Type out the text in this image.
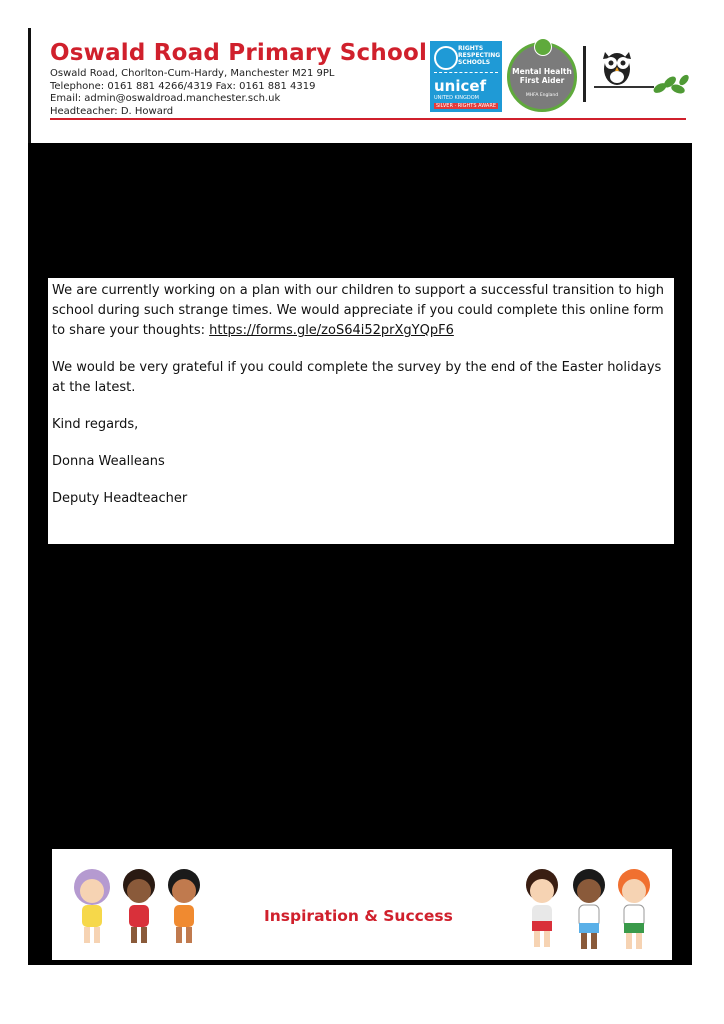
Oswald Road Primary School
Oswald Road, Chorlton-Cum-Hardy, Manchester M21 9PL
Telephone: 0161 881 4266/4319 Fax: 0161 881 4319
Email: admin@oswaldroad.manchester.sch.uk
Headteacher: D. Howard
RIGHTS
RESPECTING
SCHOOLS
unicef
UNITED KINGDOM
SILVER · RIGHTS AWARE
Mental Health First Aider
MHFA England

We are currently working on a plan with our children to support a successful transition to high school during such strange times. We would appreciate if you could complete this online form to share your thoughts: https://forms.gle/zoS64i52prXgYQpF6

We would be very grateful if you could complete the survey by the end of the Easter holidays at the latest.

Kind regards,

Donna Wealleans

Deputy Headteacher

Inspiration & Success
